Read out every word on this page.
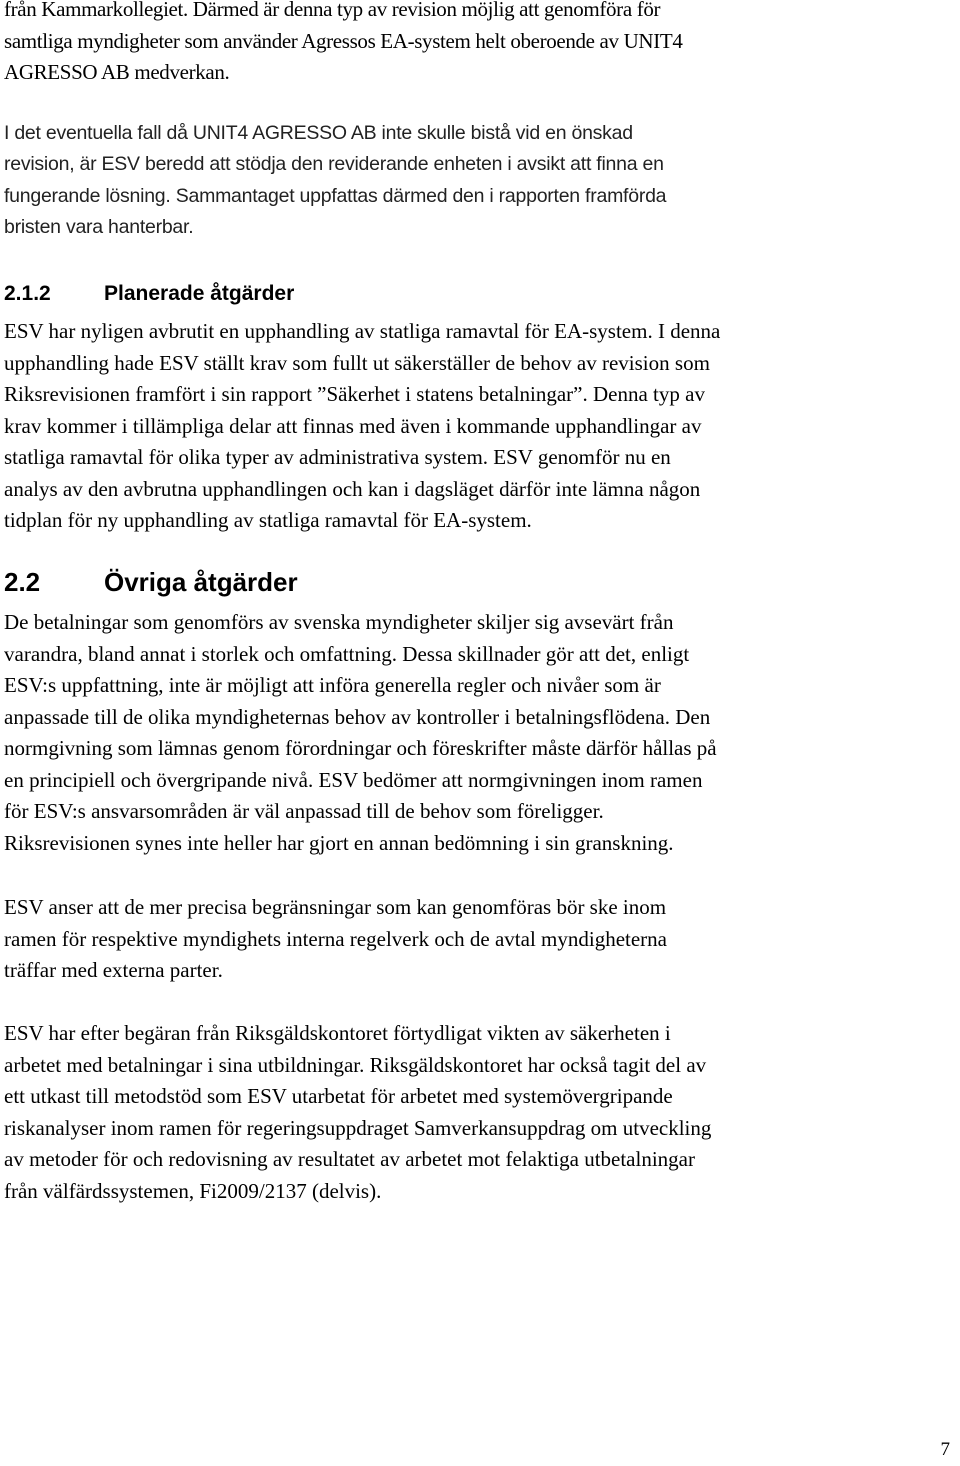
från Kammarkollegiet. Därmed är denna typ av revision möjlig att genomföra för
samtliga myndigheter som använder Agressos EA-system helt oberoende av UNIT4
AGRESSO AB medverkan.
I det eventuella fall då UNIT4 AGRESSO AB inte skulle bistå vid en önskad
revision, är ESV beredd att stödja den reviderande enheten i avsikt att finna en
fungerande lösning. Sammantaget uppfattas därmed den i rapporten framförda
bristen vara hanterbar.
2.1.2	Planerade åtgärder
ESV har nyligen avbrutit en upphandling av statliga ramavtal för EA-system. I denna
upphandling hade ESV ställt krav som fullt ut säkerställer de behov av revision som
Riksrevisionen framfört i sin rapport ”Säkerhet i statens betalningar”. Denna typ av
krav kommer i tillämpliga delar att finnas med även i kommande upphandlingar av
statliga ramavtal för olika typer av administrativa system. ESV genomför nu en
analys av den avbrutna upphandlingen och kan i dagsläget därför inte lämna någon
tidplan för ny upphandling av statliga ramavtal för EA-system.
2.2 Övriga åtgärder
De betalningar som genomförs av svenska myndigheter skiljer sig avsevärt från
varandra, bland annat i storlek och omfattning. Dessa skillnader gör att det, enligt
ESV:s uppfattning, inte är möjligt att införa generella regler och nivåer som är
anpassade till de olika myndigheternas behov av kontroller i betalningsflödena. Den
normgivning som lämnas genom förordningar och föreskrifter måste därför hållas på
en principiell och övergripande nivå. ESV bedömer att normgivningen inom ramen
för ESV:s ansvarsområden är väl anpassad till de behov som föreligger.
Riksrevisionen synes inte heller har gjort en annan bedömning i sin granskning.
ESV anser att de mer precisa begränsningar som kan genomföras bör ske inom
ramen för respektive myndighets interna regelverk och de avtal myndigheterna
träffar med externa parter.
ESV har efter begäran från Riksgäldskontoret förtydligat vikten av säkerheten i
arbetet med betalningar i sina utbildningar. Riksgäldskontoret har också tagit del av
ett utkast till metodstöd som ESV utarbetat för arbetet med systemövergripande
riskanalyser inom ramen för regeringsuppdraget Samverkansuppdrag om utveckling
av metoder för och redovisning av resultatet av arbetet mot felaktiga utbetalningar
från välfärdssystemen, Fi2009/2137 (delvis).
7
